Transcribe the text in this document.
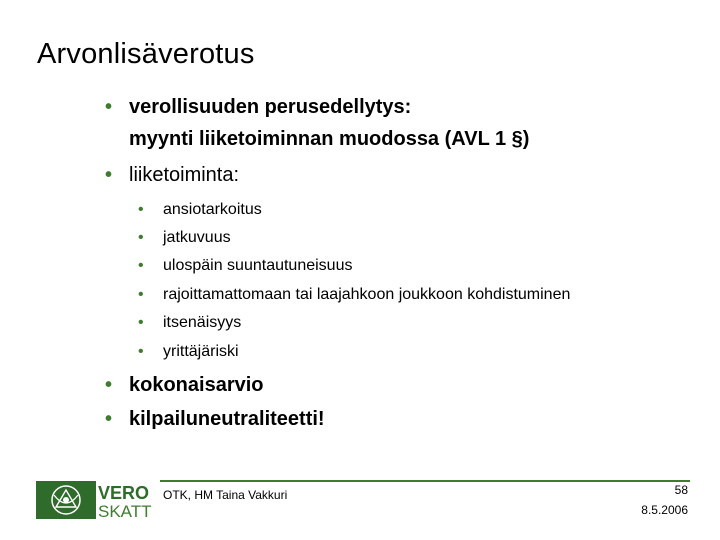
Arvonlisäverotus
• verollisuuden perusedellytys:
myynti liiketoiminnan muodossa (AVL 1 §)
• liiketoiminta:
• ansiotarkoitus
• jatkuvuus
• ulospäin suuntautuneisuus
• rajoittamattomaan tai laajahkoon joukkoon kohdistuminen
• itsenäisyys
• yrittäjäriski
• kokonaisarvio
• kilpailuneutraliteetti!
VERO
SKATT
OTK, HM Taina Vakkuri	58
8.5.2006
